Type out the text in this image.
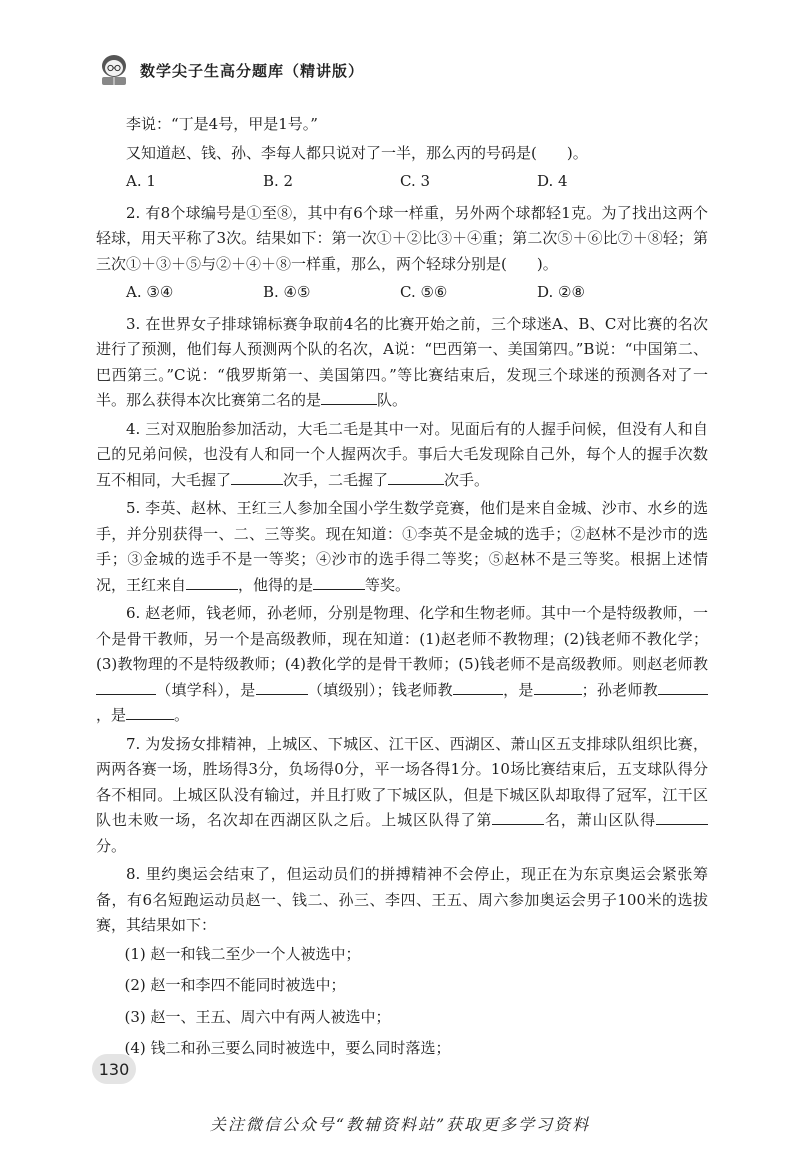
数学尖子生高分题库（精讲版）

李说：“丁是4号，甲是1号。”

又知道赵、钱、孙、李每人都只说对了一半，那么丙的号码是(　　)。

A. 1	B. 2	C. 3	D. 4

2. 有8个球编号是①至⑧，其中有6个球一样重，另外两个球都轻1克。为了找出这两个轻球，用天平称了3次。结果如下：第一次①＋②比③＋④重；第二次⑤＋⑥比⑦＋⑧轻；第三次①＋③＋⑤与②＋④＋⑧一样重，那么，两个轻球分别是(　　)。

A. ③④	B. ④⑤	C. ⑤⑥	D. ②⑧

3. 在世界女子排球锦标赛争取前4名的比赛开始之前，三个球迷A、B、C对比赛的名次进行了预测，他们每人预测两个队的名次，A说：“巴西第一、美国第四。”B说：“中国第二、巴西第三。”C说：“俄罗斯第一、美国第四。”等比赛结束后，发现三个球迷的预测各对了一半。那么获得本次比赛第二名的是	队。

4. 三对双胞胎参加活动，大毛二毛是其中一对。见面后有的人握手问候，但没有人和自己的兄弟问候，也没有人和同一个人握两次手。事后大毛发现除自己外，每个人的握手次数互不相同，大毛握了	次手，二毛握了	次手。

5. 李英、赵林、王红三人参加全国小学生数学竞赛，他们是来自金城、沙市、水乡的选手，并分别获得一、二、三等奖。现在知道：①李英不是金城的选手；②赵林不是沙市的选手；③金城的选手不是一等奖；④沙市的选手得二等奖；⑤赵林不是三等奖。根据上述情况，王红来自	，他得的是	等奖。

6. 赵老师，钱老师，孙老师，分别是物理、化学和生物老师。其中一个是特级教师，一个是骨干教师，另一个是高级教师，现在知道：(1)赵老师不教物理；(2)钱老师不教化学；(3)教物理的不是特级教师；(4)教化学的是骨干教师；(5)钱老师不是高级教师。则赵老师教（填学科），是	（填级别）；钱老师教	，是	；孙老师教，是	。

7. 为发扬女排精神，上城区、下城区、江干区、西湖区、萧山区五支排球队组织比赛，两两各赛一场，胜场得3分，负场得0分，平一场各得1分。10场比赛结束后，五支球队得分各不相同。上城区队没有输过，并且打败了下城区队，但是下城区队却取得了冠军，江干区队也未败一场，名次却在西湖区队之后。上城区队得了第	名，萧山区队得分。

8. 里约奥运会结束了，但运动员们的拼搏精神不会停止，现正在为东京奥运会紧张筹备，有6名短跑运动员赵一、钱二、孙三、李四、王五、周六参加奥运会男子100米的选拔赛，其结果如下：

(1) 赵一和钱二至少一个人被选中；

(2) 赵一和李四不能同时被选中；

(3) 赵一、王五、周六中有两人被选中；

(4) 钱二和孙三要么同时被选中，要么同时落选；

130
关注微信公众号“教辅资料站”获取更多学习资料
